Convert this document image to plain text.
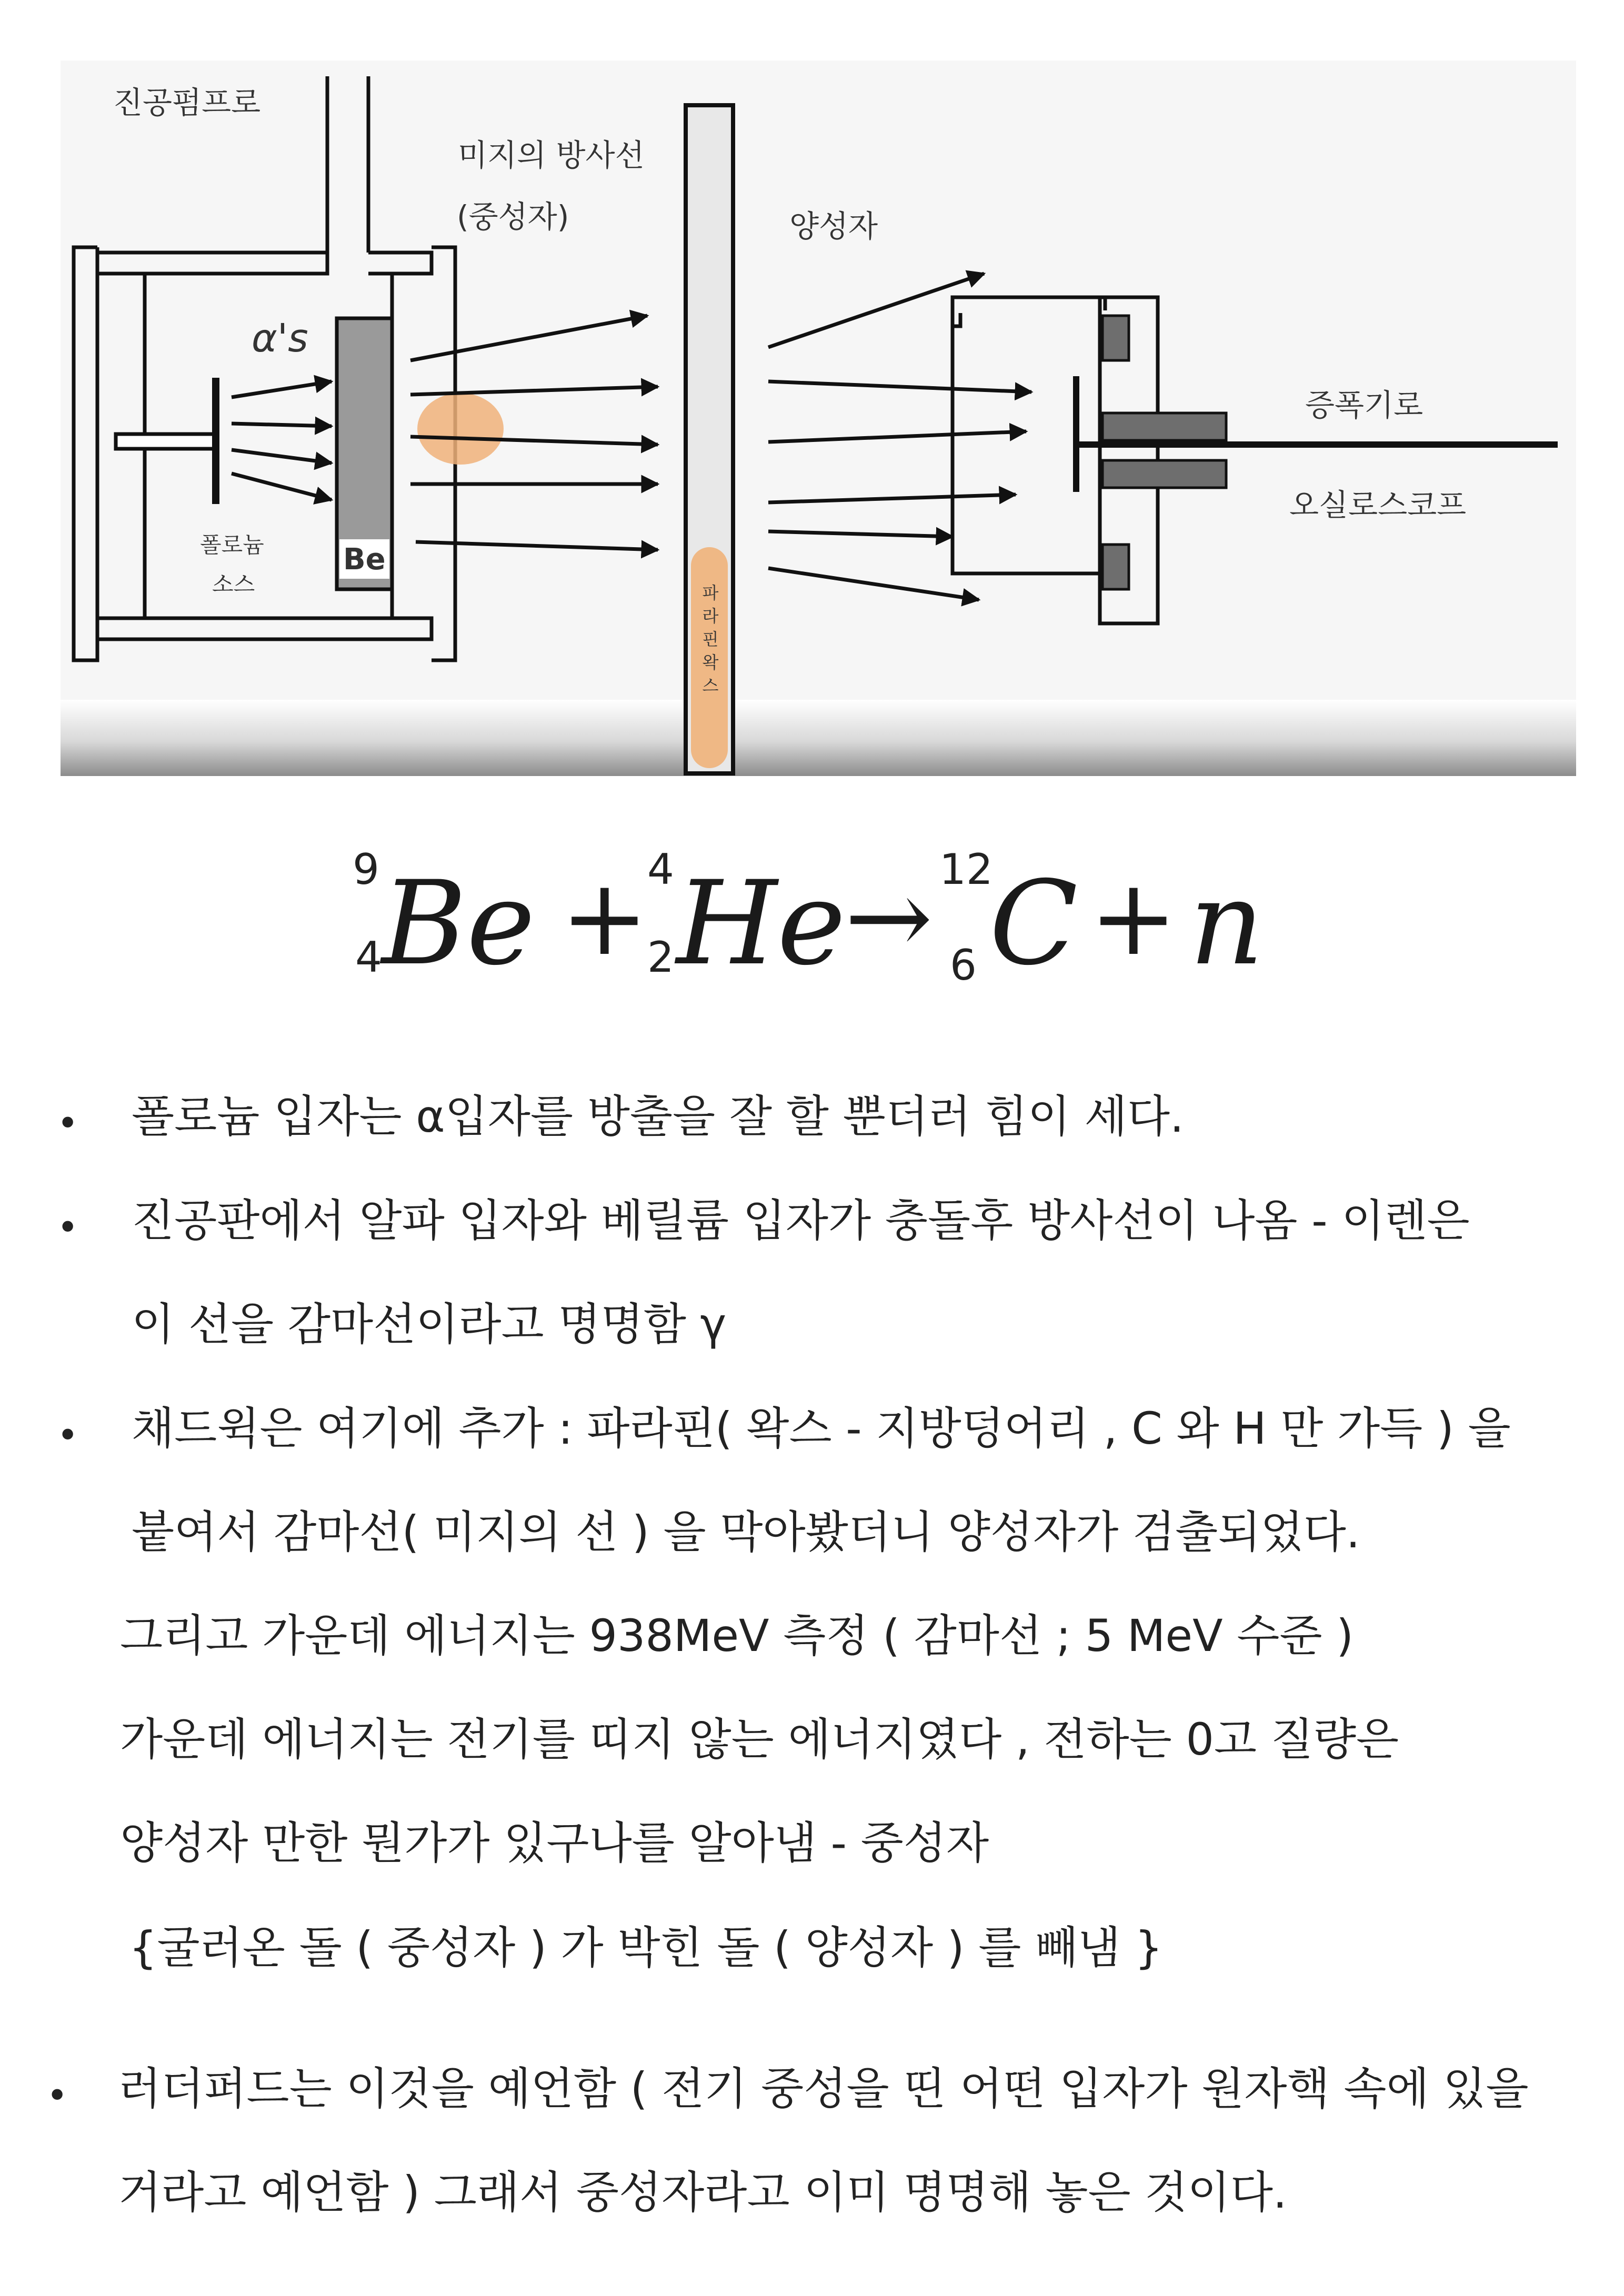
진공펌프로
미지의 방사선
(중성자)	양성자
α's
Be
폴로늄
소스	파라핀왁스
증폭기로
오실로스코프
9
4 Be +
4
2 He
→ 12
6 C + n
• 폴로늄 입자는 α입자를 방출을 잘 할 뿐더러 힘이 세다.
• 진공판에서 알파 입자와 베릴륨 입자가 충돌후 방사선이 나옴 - 이렌은
이 선을 감마선이라고 명명함 γ
• 채드윅은 여기에 추가 : 파라핀( 왁스 - 지방덩어리 , C 와 H 만 가득 ) 을
붙여서 감마선( 미지의 선 ) 을 막아봤더니 양성자가 검출되었다.
그리고 가운데 에너지는 938MeV 측정 ( 감마선 ; 5 MeV 수준 )
가운데 에너지는 전기를 띠지 않는 에너지였다 , 전하는 0고 질량은
양성자 만한 뭔가가 있구나를 알아냄 - 중성자
{굴러온 돌 ( 중성자 ) 가 박힌 돌 ( 양성자 ) 를 빼냄 }
• 러더퍼드는 이것을 예언함 ( 전기 중성을 띤 어떤 입자가 원자핵 속에 있을
거라고 예언함 ) 그래서 중성자라고 이미 명명해 놓은 것이다.
